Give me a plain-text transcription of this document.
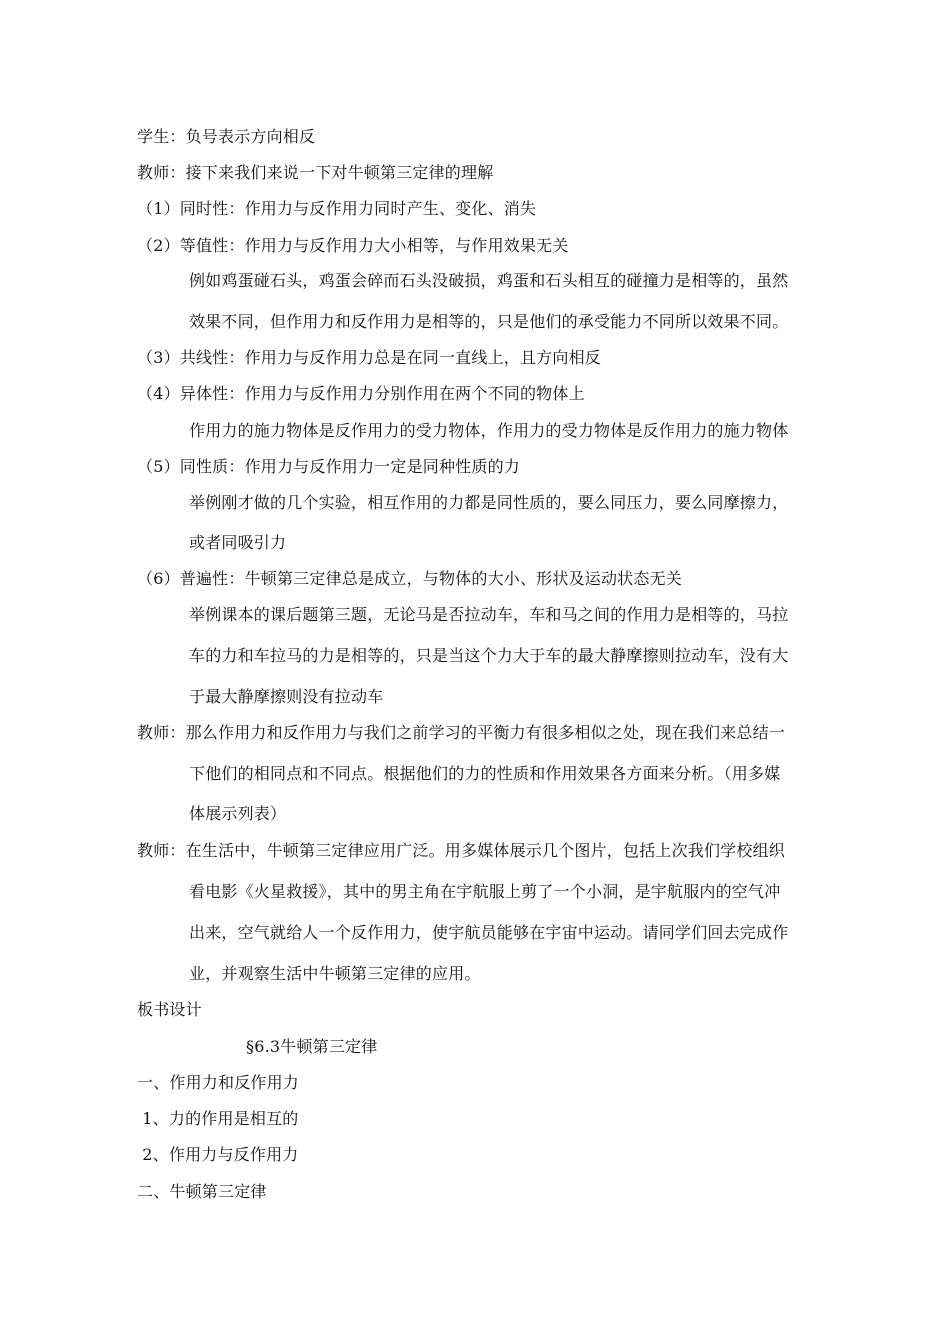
学生：负号表示方向相反
教师：接下来我们来说一下对牛顿第三定律的理解
（1）同时性：作用力与反作用力同时产生、变化、消失
（2）等值性：作用力与反作用力大小相等，与作用效果无关
例如鸡蛋碰石头，鸡蛋会碎而石头没破损，鸡蛋和石头相互的碰撞力是相等的，虽然
效果不同，但作用力和反作用力是相等的，只是他们的承受能力不同所以效果不同。
（3）共线性：作用力与反作用力总是在同一直线上，且方向相反
（4）异体性：作用力与反作用力分别作用在两个不同的物体上
作用力的施力物体是反作用力的受力物体，作用力的受力物体是反作用力的施力物体
（5）同性质：作用力与反作用力一定是同种性质的力
举例刚才做的几个实验，相互作用的力都是同性质的，要么同压力，要么同摩擦力，
或者同吸引力
（6）普遍性：牛顿第三定律总是成立，与物体的大小、形状及运动状态无关
举例课本的课后题第三题，无论马是否拉动车，车和马之间的作用力是相等的，马拉
车的力和车拉马的力是相等的，只是当这个力大于车的最大静摩擦则拉动车，没有大
于最大静摩擦则没有拉动车
教师：那么作用力和反作用力与我们之前学习的平衡力有很多相似之处，现在我们来总结一
下他们的相同点和不同点。根据他们的力的性质和作用效果各方面来分析。（用多媒
体展示列表）
教师：在生活中，牛顿第三定律应用广泛。用多媒体展示几个图片，包括上次我们学校组织
看电影《火星救援》，其中的男主角在宇航服上剪了一个小洞，是宇航服内的空气冲
出来，空气就给人一个反作用力，使宇航员能够在宇宙中运动。请同学们回去完成作
业，并观察生活中牛顿第三定律的应用。
板书设计
§6.3牛顿第三定律
一、作用力和反作用力
1、力的作用是相互的
2、作用力与反作用力
二、牛顿第三定律
